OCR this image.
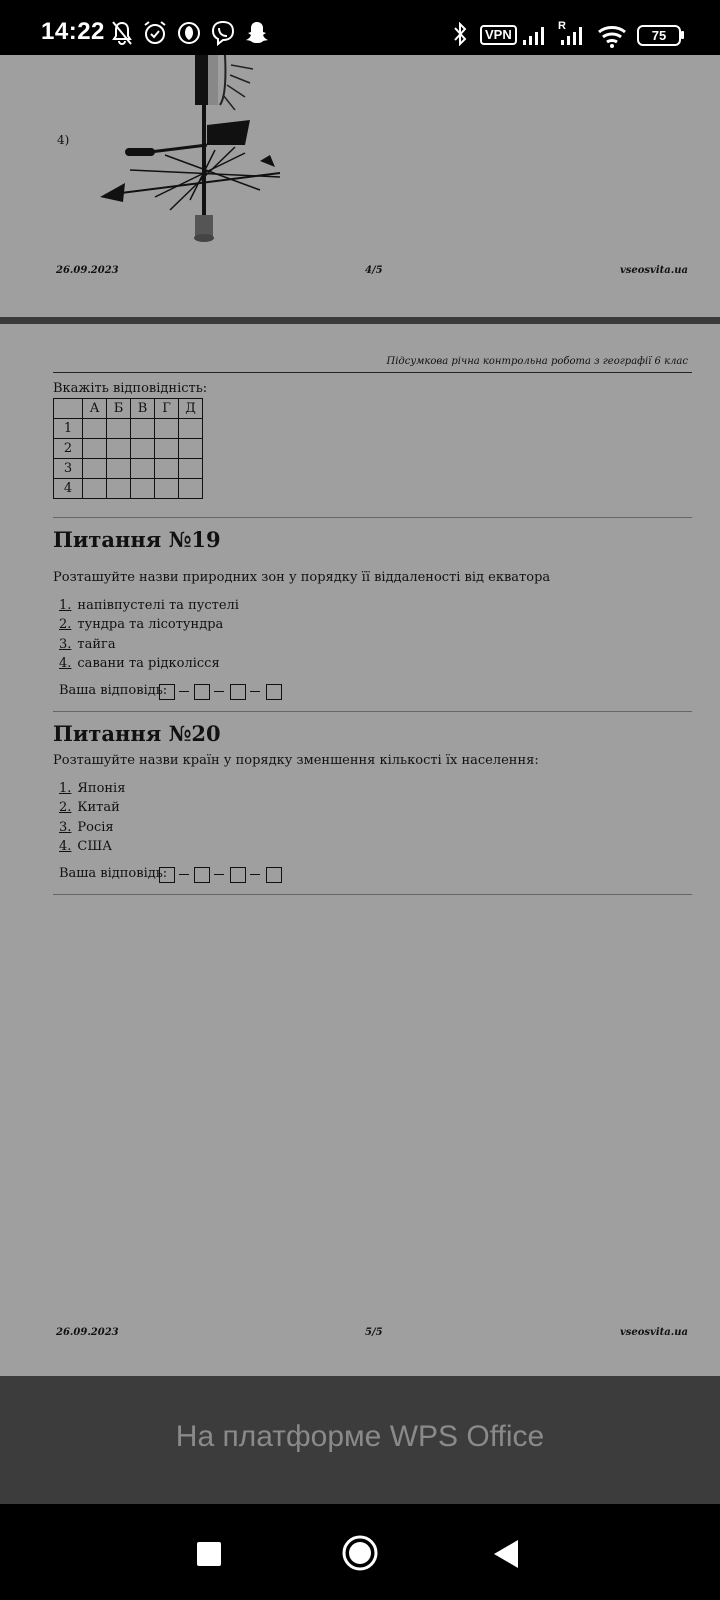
14:22	VPN
R
75
4)
26.09.2023	4/5	vseosvita.ua
Підсумкова річна контрольна робота з географії 6 клас
Вкажіть відповідність:
	А	Б	В	Г	Д
1					
2					
3					
4					
Питання №19
Розташуйте назви природних зон у порядку її віддаленості від екватора
1. напівпустелі та пустелі
2. тундра та лісотундра
3. тайга
4. савани та рідколісся
Ваша відповідь:
Питання №20
Розташуйте назви країн у порядку зменшення кількості їх населення:
1. Японія
2. Китай
3. Росія
4. США
Ваша відповідь:
26.09.2023	5/5	vseosvita.ua
На платформе WPS Office
